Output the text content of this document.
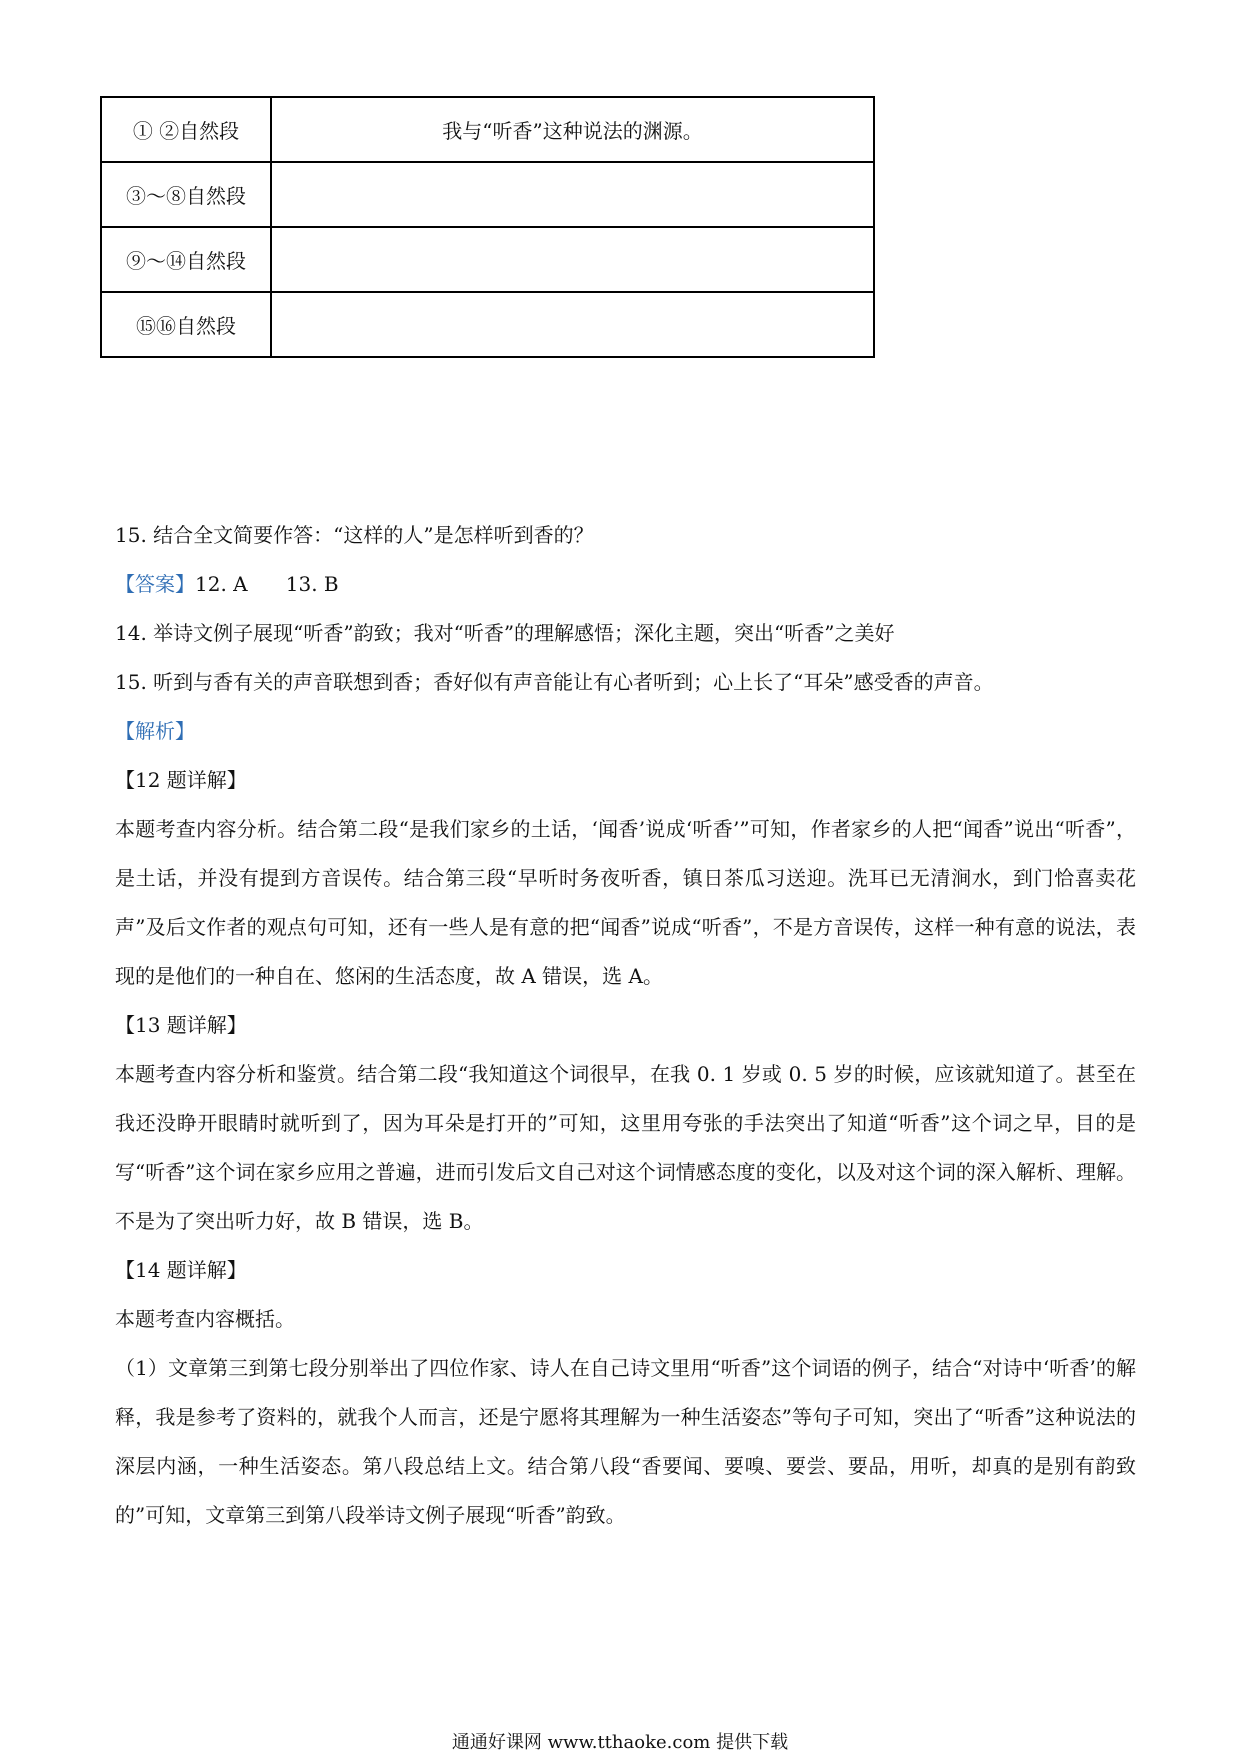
① ②自然段	我与“听香”这种说法的渊源。
③～⑧自然段	
⑨～⑭自然段	
⑮⑯自然段	

15. 结合全文简要作答：“这样的人”是怎样听到香的？

【答案】12. A      13. B

14. 举诗文例子展现“听香”韵致；我对“听香”的理解感悟；深化主题，突出“听香”之美好

15. 听到与香有关的声音联想到香；香好似有声音能让有心者听到；心上长了“耳朵”感受香的声音。

【解析】

【12 题详解】

本题考查内容分析。结合第二段“是我们家乡的土话，‘闻香’说成‘听香’”可知，作者家乡的人把“闻香”说出“听香”，是土话，并没有提到方音误传。结合第三段“早听时务夜听香，镇日茶瓜习送迎。洗耳已无清涧水，到门恰喜卖花声”及后文作者的观点句可知，还有一些人是有意的把“闻香”说成“听香”，不是方音误传，这样一种有意的说法，表现的是他们的一种自在、悠闲的生活态度，故 A 错误，选 A。

【13 题详解】

本题考查内容分析和鉴赏。结合第二段“我知道这个词很早，在我 0. 1 岁或 0. 5 岁的时候，应该就知道了。甚至在我还没睁开眼睛时就听到了，因为耳朵是打开的”可知，这里用夸张的手法突出了知道“听香”这个词之早，目的是写“听香”这个词在家乡应用之普遍，进而引发后文自己对这个词情感态度的变化，以及对这个词的深入解析、理解。不是为了突出听力好，故 B 错误，选 B。

【14 题详解】

本题考查内容概括。

（1）文章第三到第七段分别举出了四位作家、诗人在自己诗文里用“听香”这个词语的例子，结合“对诗中‘听香’的解释，我是参考了资料的，就我个人而言，还是宁愿将其理解为一种生活姿态”等句子可知，突出了“听香”这种说法的深层内涵，一种生活姿态。第八段总结上文。结合第八段“香要闻、要嗅、要尝、要品，用听，却真的是别有韵致的”可知，文章第三到第八段举诗文例子展现“听香”韵致。

通通好课网 www.tthaoke.com 提供下载
